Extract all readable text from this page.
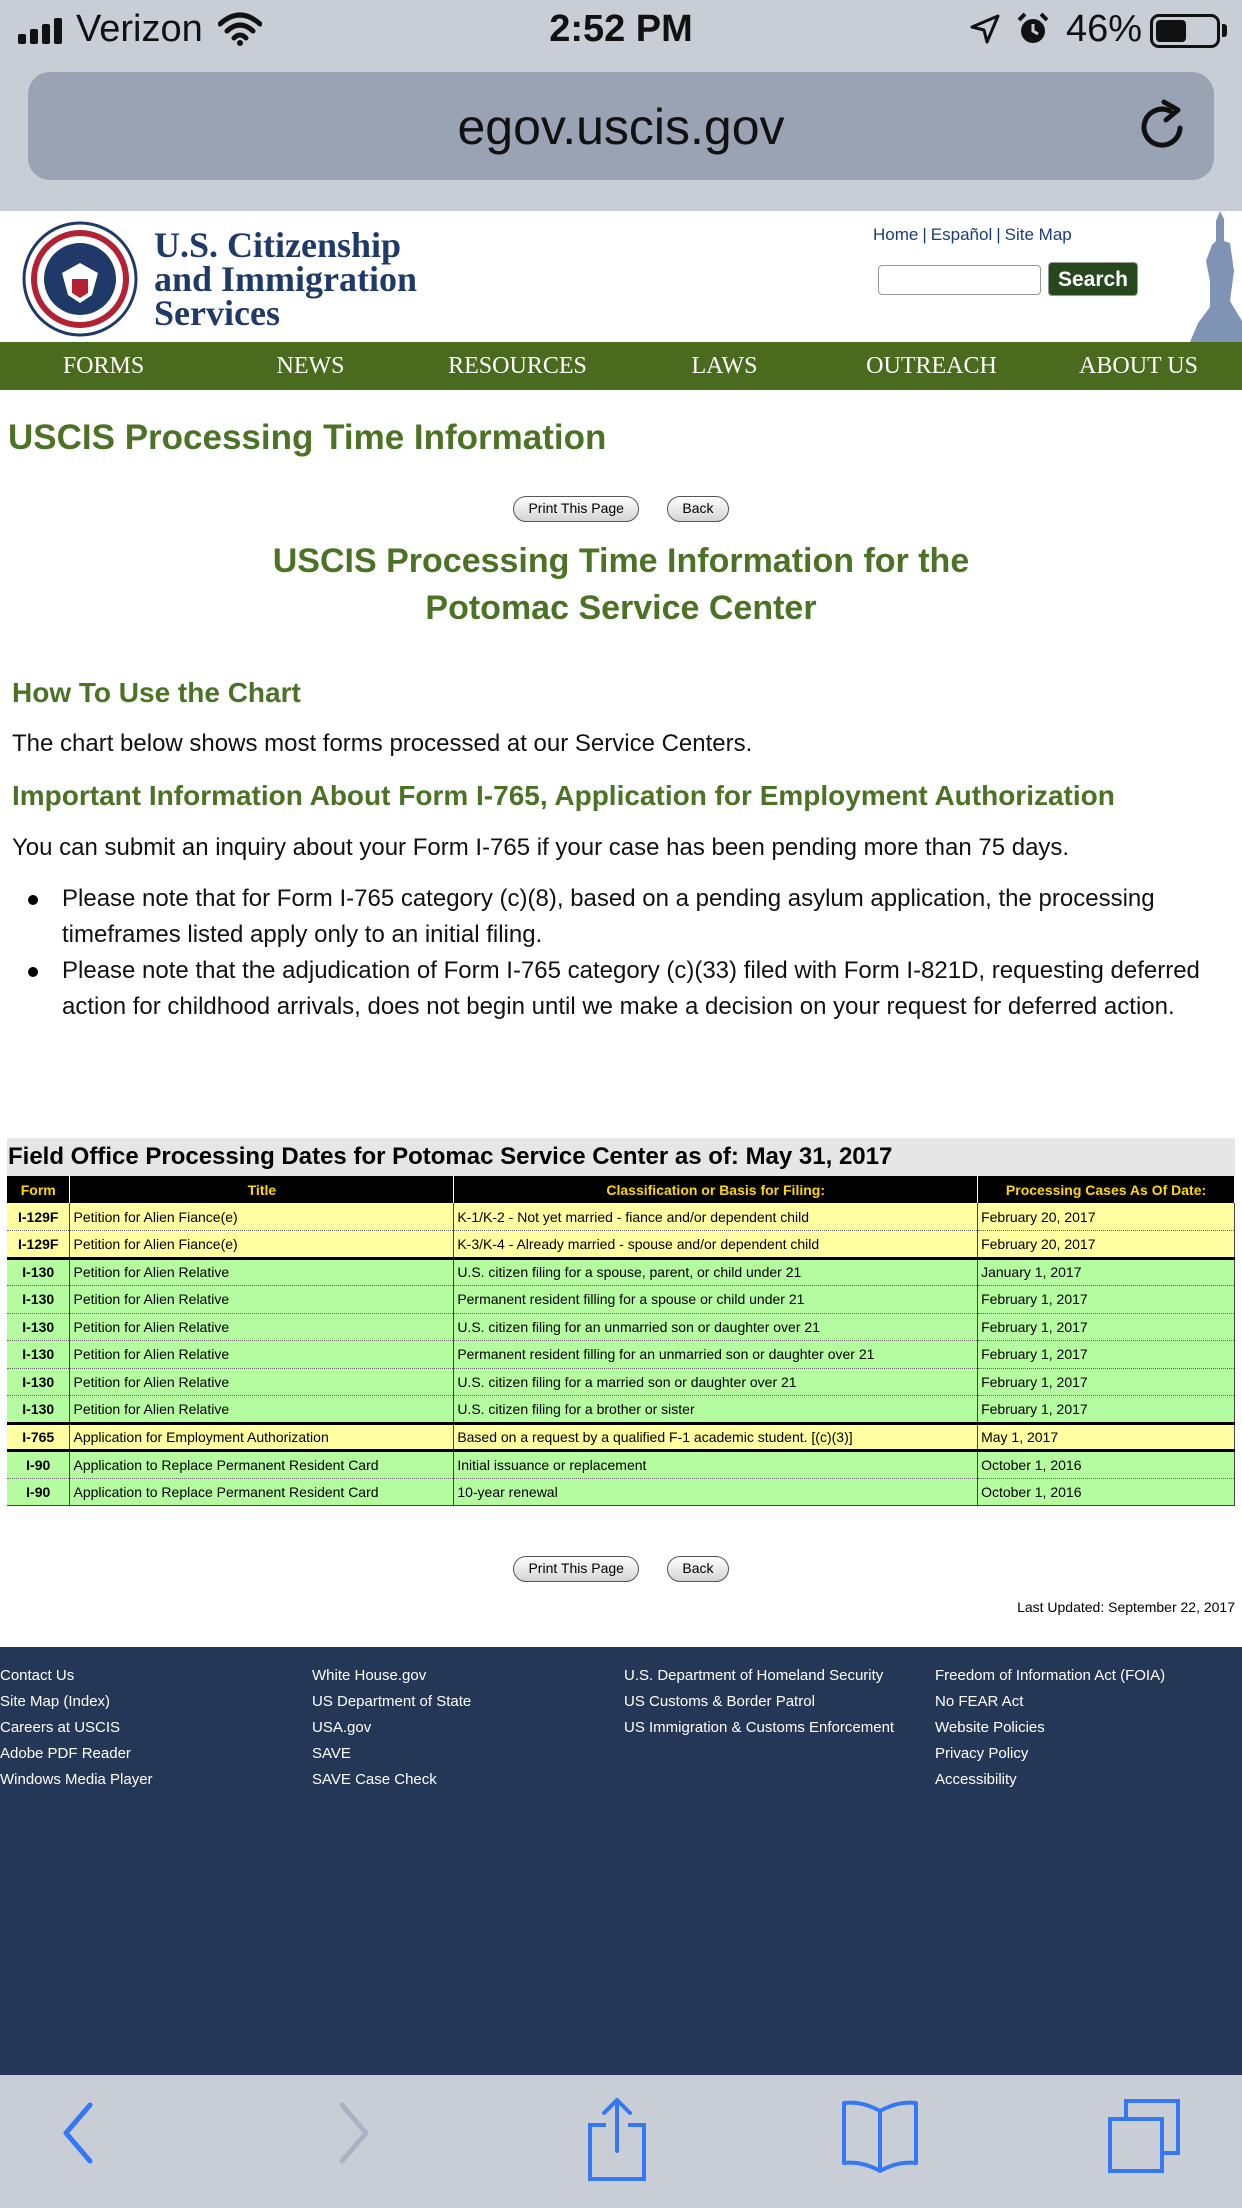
Verizon	2:52 PM	46%
egov.uscis.gov
U.S. Citizenship
and Immigration
Services
Home | Español | Site Map
Search
FORMS	NEWS	RESOURCES	LAWS	OUTREACH	ABOUT US
USCIS Processing Time Information
Print This Page	Back
USCIS Processing Time Information for the
Potomac Service Center
How To Use the Chart
The chart below shows most forms processed at our Service Centers.
Important Information About Form I-765, Application for Employment Authorization
You can submit an inquiry about your Form I-765 if your case has been pending more than 75 days.
Please note that for Form I-765 category (c)(8), based on a pending asylum application, the processing timeframes listed apply only to an initial filing.
Please note that the adjudication of Form I-765 category (c)(33) filed with Form I-821D, requesting deferred action for childhood arrivals, does not begin until we make a decision on your request for deferred action.
Field Office Processing Dates for Potomac Service Center as of: May 31, 2017
Form	Title	Classification or Basis for Filing:	Processing Cases As Of Date:
I-129F	Petition for Alien Fiance(e)	K-1/K-2 - Not yet married - fiance and/or dependent child	February 20, 2017
I-129F	Petition for Alien Fiance(e)	K-3/K-4 - Already married - spouse and/or dependent child	February 20, 2017
I-130	Petition for Alien Relative	U.S. citizen filing for a spouse, parent, or child under 21	January 1, 2017
I-130	Petition for Alien Relative	Permanent resident filling for a spouse or child under 21	February 1, 2017
I-130	Petition for Alien Relative	U.S. citizen filing for an unmarried son or daughter over 21	February 1, 2017
I-130	Petition for Alien Relative	Permanent resident filling for an unmarried son or daughter over 21	February 1, 2017
I-130	Petition for Alien Relative	U.S. citizen filing for a married son or daughter over 21	February 1, 2017
I-130	Petition for Alien Relative	U.S. citizen filing for a brother or sister	February 1, 2017
I-765	Application for Employment Authorization	Based on a request by a qualified F-1 academic student. [(c)(3)]	May 1, 2017
I-90	Application to Replace Permanent Resident Card	Initial issuance or replacement	October 1, 2016
I-90	Application to Replace Permanent Resident Card	10-year renewal	October 1, 2016
Print This Page	Back
Last Updated: September 22, 2017
Contact Us
Site Map (Index)
Careers at USCIS
Adobe PDF Reader
Windows Media Player
White House.gov
US Department of State
USA.gov
SAVE
SAVE Case Check
U.S. Department of Homeland Security
US Customs & Border Patrol
US Immigration & Customs Enforcement
Freedom of Information Act (FOIA)
No FEAR Act
Website Policies
Privacy Policy
Accessibility
